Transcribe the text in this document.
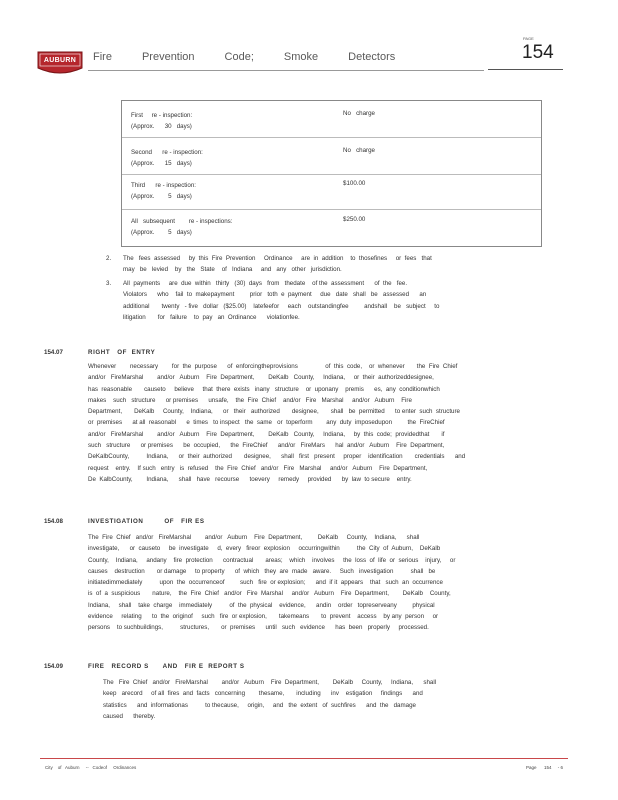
AUBURN	Fire	Prevention	Code;	Smoke	Detectors
PAGE
154
First     re - inspection:
(Approx.      30   days)
No   charge
Second      re - inspection:
(Approx.      15   days)
No   charge
Third      re - inspection:
(Approx.        5   days)
$100.00
All   subsequent        re - inspections:
(Approx.        5   days)
$250.00
2. The   fees  assessed     by  this  Fire  Prevention     Ordinance     are  in  addition    to  thosefines     or  fees   that
may   be   levied    by   the   State    of   Indiana     and   any   other   jurisdiction.
3. All  payments     are  due  within   thirty   (30)  days   from   thedate    of the  assessment      of  the   fee.
Violators      who    fail  to  makepayment         prior   toth  e  payment     due   date   shall   be   assessed      an
additional       twenty   - five   dollar   ($25.00)    latefeefor     each    outstandingfee         andshall    be   subject     to
litigation       for   failure    to  pay   an  Ordinance      violationfee.
154.07	RIGHT   OF  ENTRY
Whenever        necessary        for  the  purpose      of  enforcingtheprovisions                of  this  code,    or  whenever       the  Fire  Chief
and/or   FireMarshal        and/or   Auburn    Fire  Department,        DeKalb   County,     Indiana,     or  their  authorizeddesignee,
has  reasonable       causeto     believe     that  there  exists   inany   structure    or  uponany    premis      es,  any  conditionwhich
makes    such   structure      or premises      unsafe,    the  Fire  Chief    and/or   Fire   Marshal     and/or   Auburn    Fire
Department,       DeKalb     County,    Indiana,      or   their   authorized       designee,       shall   be  permitted      to enter  such  structure
or  premises      at all  reasonabl      e  times   to inspect   the  same   or  toperform        any  duty  imposedupon         the  FireChief
and/or   FireMarshal        and/or   Auburn    Fire  Department,        DeKalb   County,     Indiana,     by  this  code;  providedthat       if
such   structure      or premises      be  occupied,      the  FireChief      and/or   FireMars      hal  and/or   Auburn    Fire  Department,
DeKalbCounty,          Indiana,      or  their  authorized       designee,      shall   first   present     proper    identification       credentials      and
request    entry.    If such   entry   is  refused    the  Fire  Chief   and/or   Fire   Marshal     and/or   Auburn    Fire  Department,
De  KalbCounty,        Indiana,      shall   have   recourse      toevery     remedy     provided      by  law  to secure    entry.
154.08	INVESTIGATION         OF   FIR ES
The  Fire  Chief   and/or   FireMarshal        and/or   Auburn    Fire  Department,         DeKalb     County,    Indiana,      shall
investigate,      or  causeto     be  investigate     d,  every   fireor  explosion     occurringwithin          the  City  of  Auburn,    DeKalb
County,    Indiana,     andany    fire  protection      contractual       areas;    which    involves     the  loss  of  life  or  serious    injury,     or
causes    destruction       or damage     to property      of  which   they  are  made   aware.     Such   investigation          shall   be
initiatedimmediately          upon  the  occurrenceof         such   fire  or explosion;      and  if it  appears    that   such  an  occurrence
is  of  a  suspicious       nature,    the  Fire  Chief   and/or   Fire  Marshal     and/or   Auburn    Fire  Department,        DeKalb    County,
Indiana,     shall    take  charge    immediately          of  the  physical    evidence,      andin    order   topreserveany         physical
evidence     relating      to  the  originof     such   fire  or explosion,       takemeans       to  prevent    access    by any  person     or
persons    to suchbuildings,          structures,       or  premises      until   such   evidence      has  been   properly     processed.
154.09	FIRE   RECORD S      AND   FIR E  REPORT S
The   Fire  Chief   and/or   FireMarshal        and/or   Auburn    Fire  Department,        DeKalb     County,     Indiana,      shall
keep   arecord     of all  fires  and  facts   concerning        thesame,       including      inv    estigation     findings      and
statistics      and  informationas          to thecause,     origin,     and   the  extent   of  suchfires      and  the   damage
caused      thereby.
City    of   Auburn     --   Codeof     Ordinances	Page      154     - 6
